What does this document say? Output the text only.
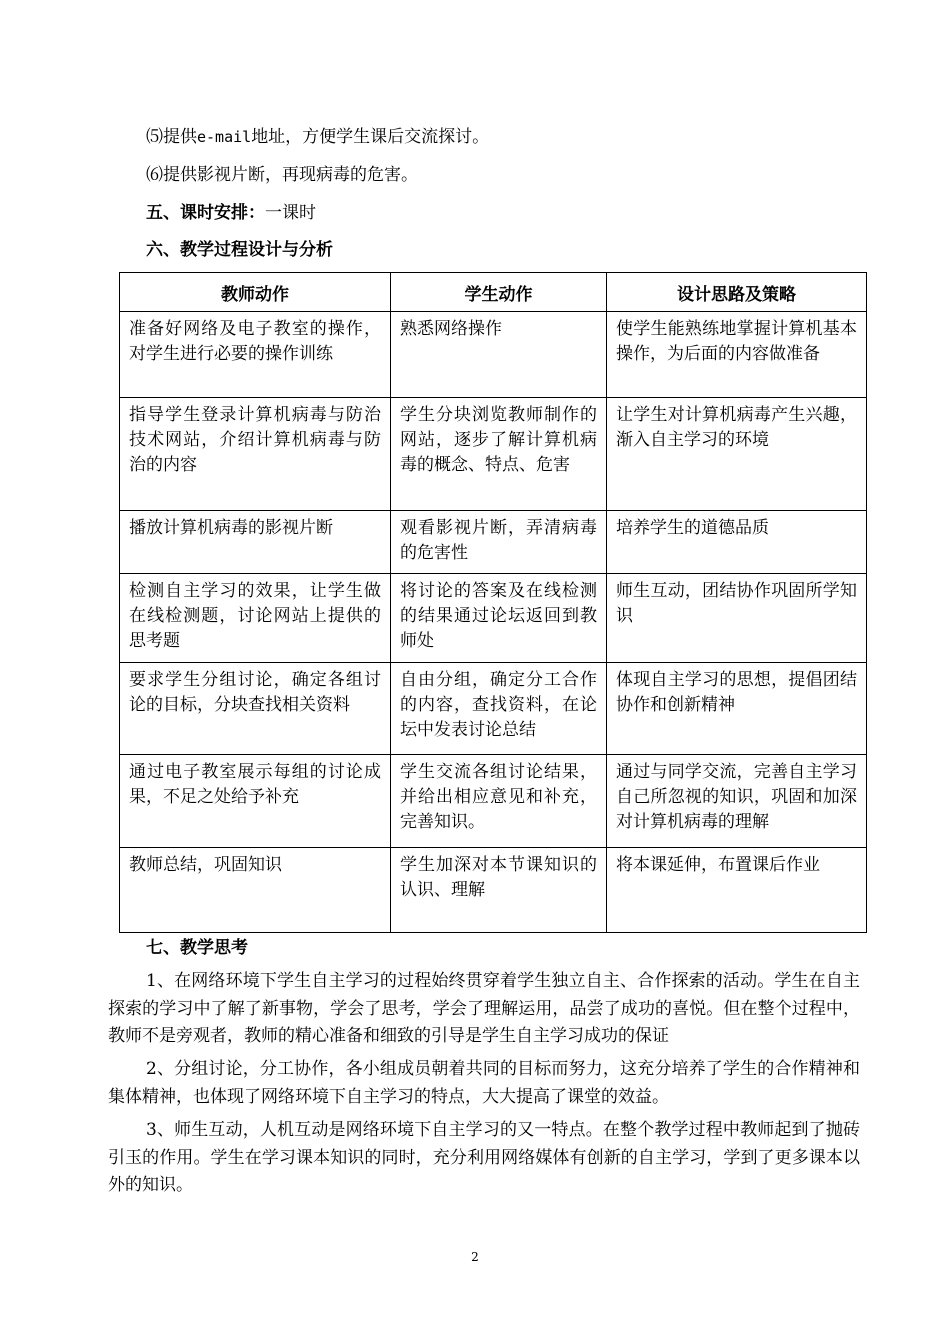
⑸提供e-mail地址，方便学生课后交流探讨。
⑹提供影视片断，再现病毒的危害。
五、课时安排：一课时
六、教学过程设计与分析
教师动作	学生动作	设计思路及策略
准备好网络及电子教室的操作，对学生进行必要的操作训练	熟悉网络操作	使学生能熟练地掌握计算机基本操作，为后面的内容做准备
指导学生登录计算机病毒与防治技术网站，介绍计算机病毒与防治的内容	学生分块浏览教师制作的网站，逐步了解计算机病毒的概念、特点、危害	让学生对计算机病毒产生兴趣，渐入自主学习的环境
播放计算机病毒的影视片断	观看影视片断，弄清病毒的危害性	培养学生的道德品质
检测自主学习的效果，让学生做在线检测题，讨论网站上提供的思考题	将讨论的答案及在线检测的结果通过论坛返回到教师处	师生互动，团结协作巩固所学知识
要求学生分组讨论，确定各组讨论的目标，分块查找相关资料	自由分组，确定分工合作的内容，查找资料，在论坛中发表讨论总结	体现自主学习的思想，提倡团结协作和创新精神
通过电子教室展示每组的讨论成果，不足之处给予补充	学生交流各组讨论结果，并给出相应意见和补充，完善知识。	通过与同学交流，完善自主学习自己所忽视的知识，巩固和加深对计算机病毒的理解
教师总结，巩固知识	学生加深对本节课知识的认识、理解	将本课延伸，布置课后作业
七、教学思考

1、在网络环境下学生自主学习的过程始终贯穿着学生独立自主、合作探索的活动。学生在自主探索的学习中了解了新事物，学会了思考，学会了理解运用，品尝了成功的喜悦。但在整个过程中，教师不是旁观者，教师的精心准备和细致的引导是学生自主学习成功的保证

2、分组讨论，分工协作，各小组成员朝着共同的目标而努力，这充分培养了学生的合作精神和集体精神，也体现了网络环境下自主学习的特点，大大提高了课堂的效益。

3、师生互动，人机互动是网络环境下自主学习的又一特点。在整个教学过程中教师起到了抛砖引玉的作用。学生在学习课本知识的同时，充分利用网络媒体有创新的自主学习，学到了更多课本以外的知识。

2
